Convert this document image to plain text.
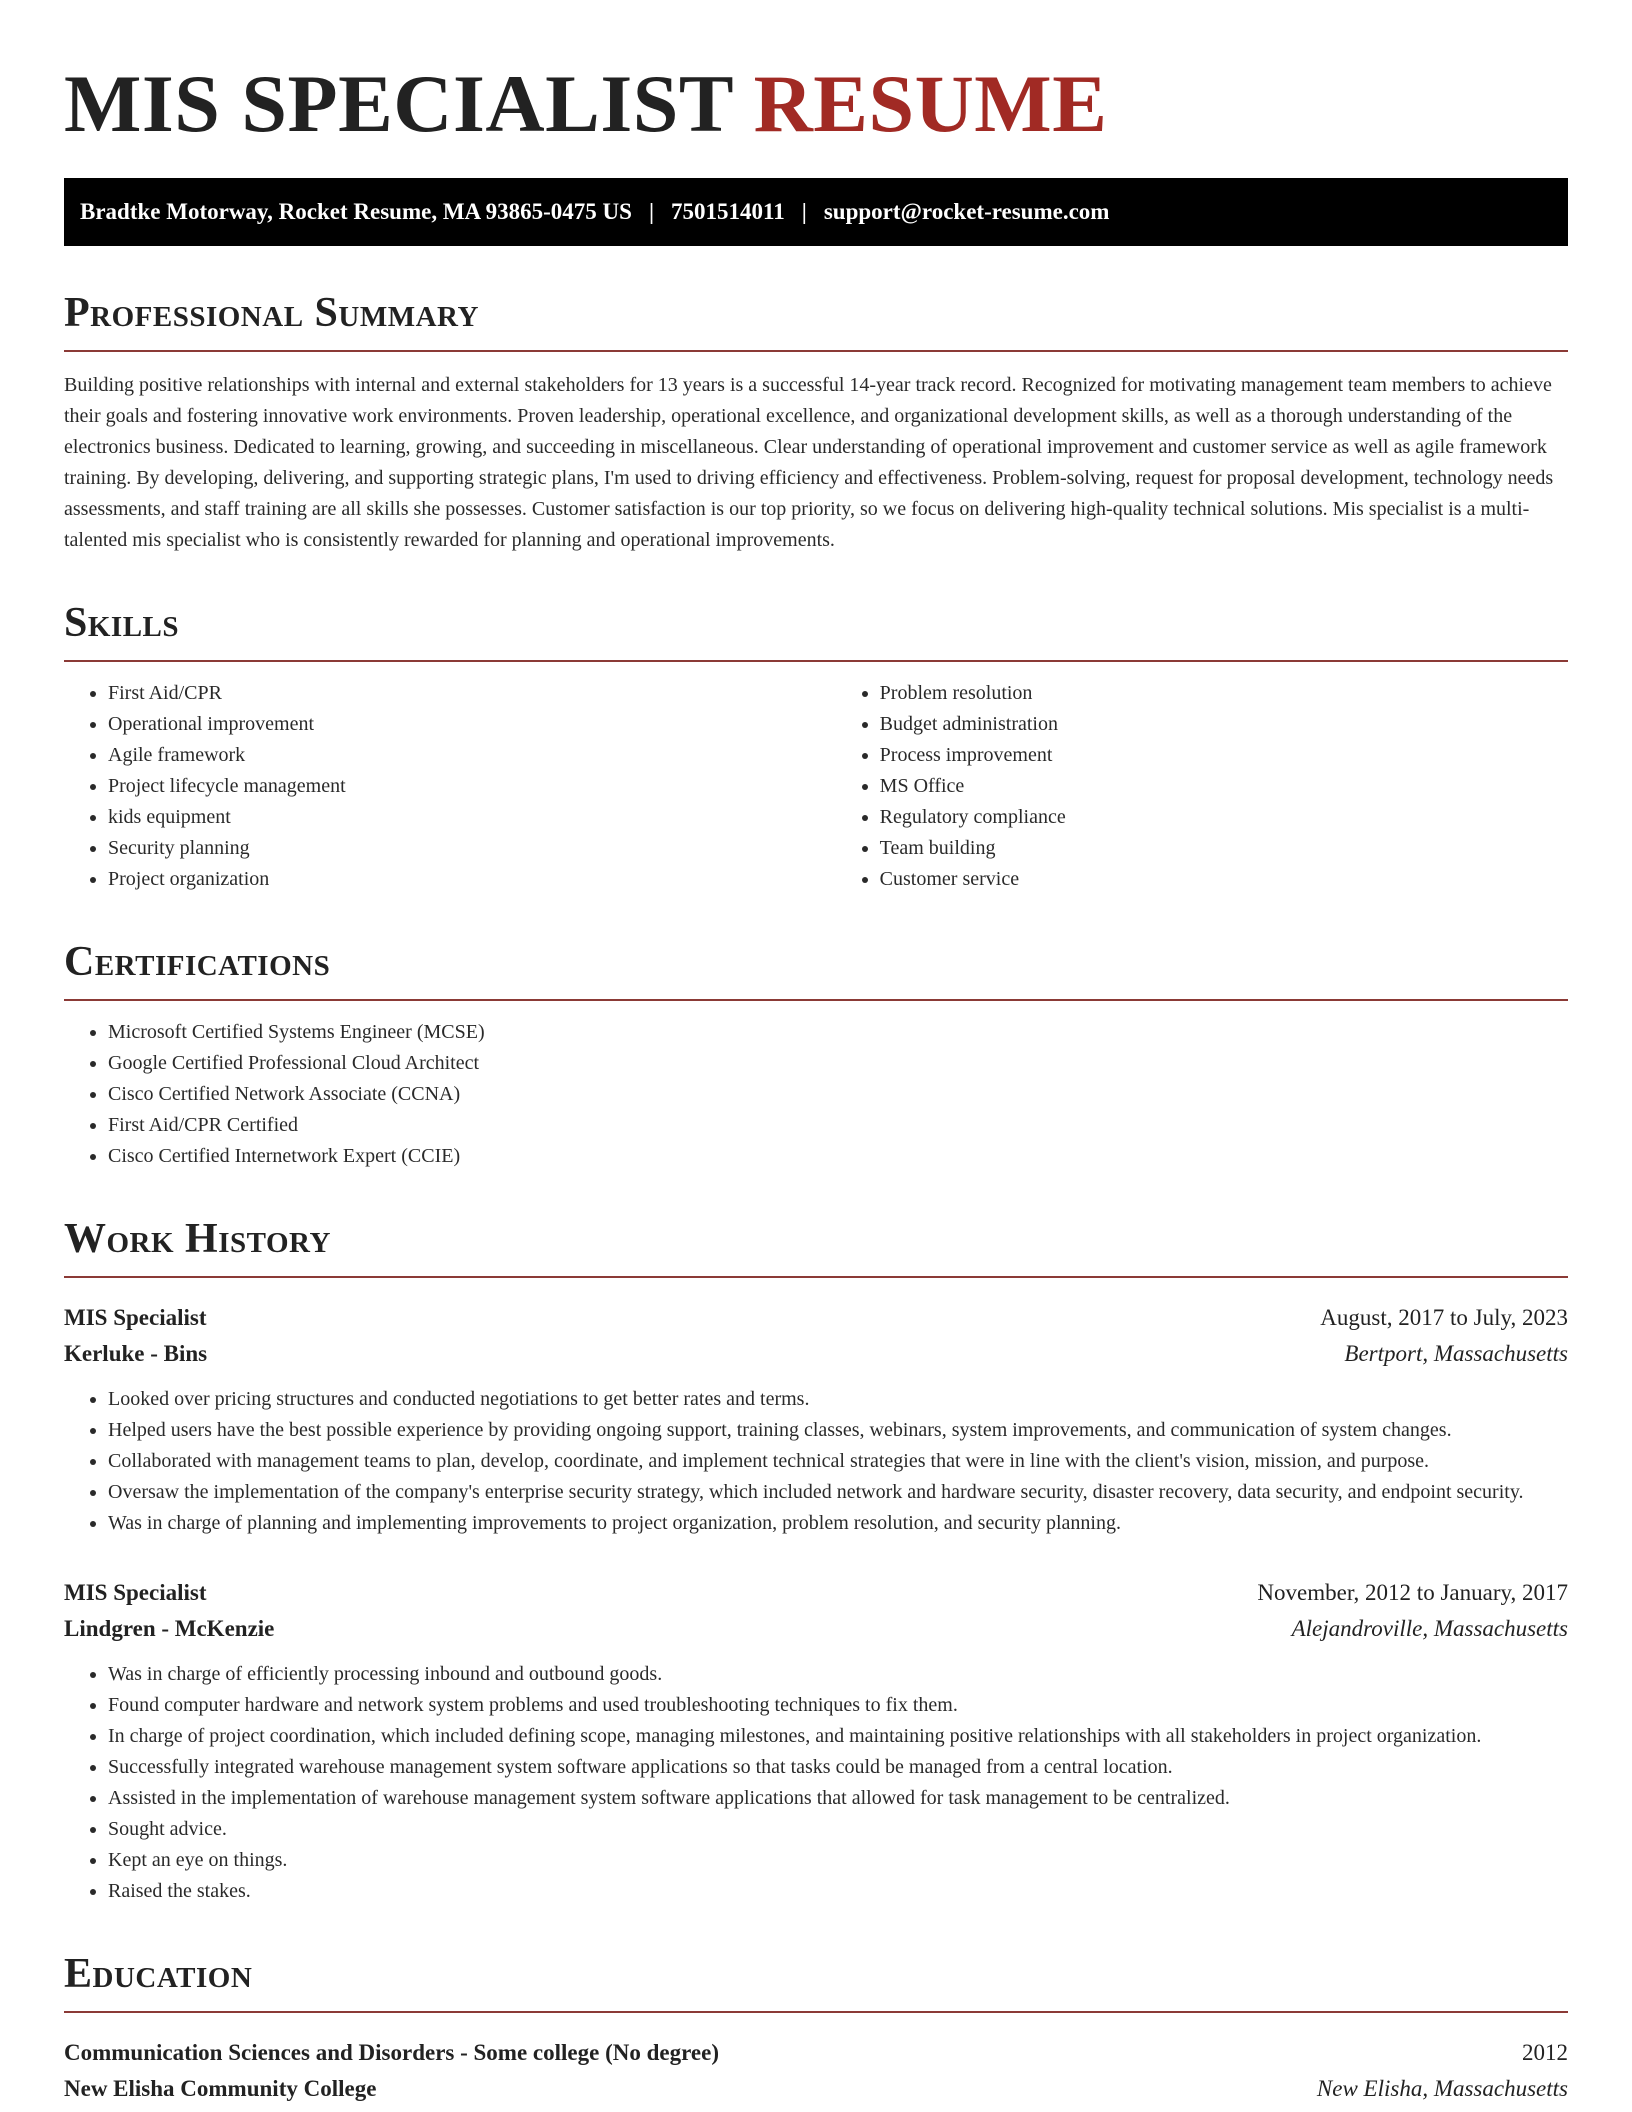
MIS SPECIALIST RESUME
Bradtke Motorway, Rocket Resume, MA 93865-0475 US | 7501514011 | support@rocket-resume.com
Professional Summary

Building positive relationships with internal and external stakeholders for 13 years is a successful 14-year track record. Recognized for motivating management team members to achieve their goals and fostering innovative work environments. Proven leadership, operational excellence, and organizational development skills, as well as a thorough understanding of the electronics business. Dedicated to learning, growing, and succeeding in miscellaneous. Clear understanding of operational improvement and customer service as well as agile framework training. By developing, delivering, and supporting strategic plans, I'm used to driving efficiency and effectiveness. Problem-solving, request for proposal development, technology needs assessments, and staff training are all skills she possesses. Customer satisfaction is our top priority, so we focus on delivering high-quality technical solutions. Mis specialist is a multi-talented mis specialist who is consistently rewarded for planning and operational improvements.

Skills
• First Aid/CPR
• Operational improvement
• Agile framework
• Project lifecycle management
• kids equipment
• Security planning
• Project organization
• Problem resolution
• Budget administration
• Process improvement
• MS Office
• Regulatory compliance
• Team building
• Customer service
Certifications
• Microsoft Certified Systems Engineer (MCSE)
• Google Certified Professional Cloud Architect
• Cisco Certified Network Associate (CCNA)
• First Aid/CPR Certified
• Cisco Certified Internetwork Expert (CCIE)
Work History
MIS Specialist	August, 2017 to July, 2023
Kerluke - Bins	Bertport, Massachusetts
• Looked over pricing structures and conducted negotiations to get better rates and terms.
• Helped users have the best possible experience by providing ongoing support, training classes, webinars, system improvements, and communication of system changes.
• Collaborated with management teams to plan, develop, coordinate, and implement technical strategies that were in line with the client's vision, mission, and purpose.
• Oversaw the implementation of the company's enterprise security strategy, which included network and hardware security, disaster recovery, data security, and endpoint security.
• Was in charge of planning and implementing improvements to project organization, problem resolution, and security planning.
MIS Specialist	November, 2012 to January, 2017
Lindgren - McKenzie	Alejandroville, Massachusetts
• Was in charge of efficiently processing inbound and outbound goods.
• Found computer hardware and network system problems and used troubleshooting techniques to fix them.
• In charge of project coordination, which included defining scope, managing milestones, and maintaining positive relationships with all stakeholders in project organization.
• Successfully integrated warehouse management system software applications so that tasks could be managed from a central location.
• Assisted in the implementation of warehouse management system software applications that allowed for task management to be centralized.
• Sought advice.
• Kept an eye on things.
• Raised the stakes.
Education
Communication Sciences and Disorders - Some college (No degree)	2012
New Elisha Community College	New Elisha, Massachusetts
